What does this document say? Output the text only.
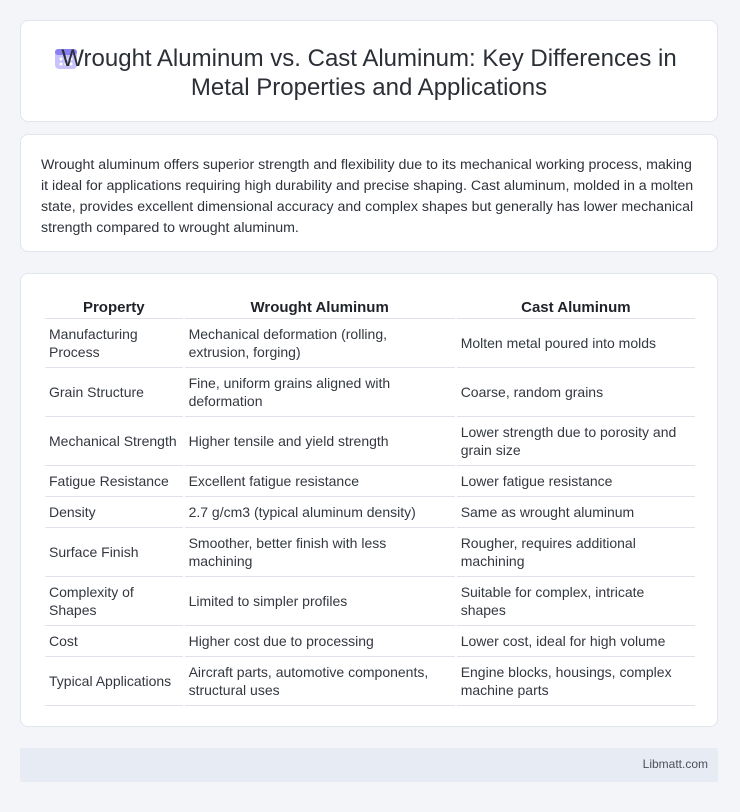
Wrought Aluminum vs. Cast Aluminum: Key Differences in Metal Properties and Applications

Wrought aluminum offers superior strength and flexibility due to its mechanical working process, making it ideal for applications requiring high durability and precise shaping. Cast aluminum, molded in a molten state, provides excellent dimensional accuracy and complex shapes but generally has lower mechanical strength compared to wrought aluminum.

Property	Wrought Aluminum	Cast Aluminum
Manufacturing Process	Mechanical deformation (rolling, extrusion, forging)	Molten metal poured into molds
Grain Structure	Fine, uniform grains aligned with deformation	Coarse, random grains
Mechanical Strength	Higher tensile and yield strength	Lower strength due to porosity and grain size
Fatigue Resistance	Excellent fatigue resistance	Lower fatigue resistance
Density	2.7 g/cm3 (typical aluminum density)	Same as wrought aluminum
Surface Finish	Smoother, better finish with less machining	Rougher, requires additional machining
Complexity of Shapes	Limited to simpler profiles	Suitable for complex, intricate shapes
Cost	Higher cost due to processing	Lower cost, ideal for high volume
Typical Applications	Aircraft parts, automotive components, structural uses	Engine blocks, housings, complex machine parts
Libmatt.com
